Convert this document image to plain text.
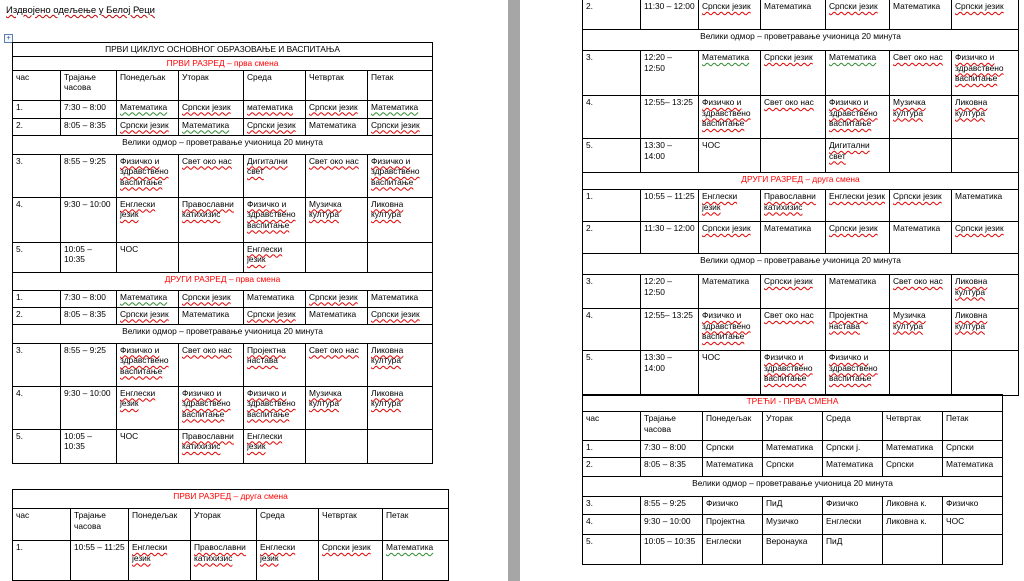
Издвојено одељење у Белој Реци
+
ПРВИ ЦИКЛУС ОСНОВНОГ ОБРАЗОВАЊЕ И ВАСПИТАЊА						
ПРВИ РАЗРЕД – прва смена						
час	Трајање часова	Понедељак	Уторак	Среда	Четвртак	Петак
1.	7:30 – 8:00	Математика	Српски језик	математика	Српски језик	Математика
2.	8:05 – 8:35	Српски језик	Математика	Српски језик	Математика	Српски језик
Велики одмор – проветравање учионица 20 минута						
3.	8:55 – 9:25	Физичко и здравствено васпитање	Свет око нас	Дигитални свет	Свет око нас	Физичко и здравствено васпитање
4.	9:30 – 10:00	Енглески језик	Православни катихизис	Физичко и здравствено васпитање	Музичка култура	Ликовна култура
5.	10:05 – 10:35	ЧОС		Енглески језик		
ДРУГИ РАЗРЕД – прва смена						
1.	7:30 – 8:00	Математика	Српски језик	Математика	Српски језик	Математика
2.	8:05 – 8:35	Српски језик	Математика	Српски језик	Математика	Српски језик
Велики одмор – проветравање учионица 20 минута						
3.	8:55 – 9:25	Физичко и здравствено васпитање	Свет око нас	Пројектна настава	Свет око нас	Ликовна култура
4.	9:30 – 10:00	Енглески језик	Физичко и здравствено васпитање	Физичко и здравствено васпитање	Музичка култура	Ликовна култура
5.	10:05 – 10:35	ЧОС	Православни катихизис	Енглески језик		
ПРВИ РАЗРЕД – друга смена						
час	Трајање часова	Понедељак	Уторак	Среда	Четвртак	Петак
1.	10:55 – 11:25	Енглески језик	Православни катихизис	Енглески језик	Српски језик	Математика
2.	11:30 – 12:00	Српски језик	Математика	Српски језик	Математика	Српски језик
Велики одмор – проветравање учионица 20 минута						
3.	12:20 – 12:50	Математика	Српски језик	Математика	Свет око нас	Физичко и здравствено васпитање
4.	12:55– 13:25	Физичко и здравствено васпитање	Свет око нас	Физичко и здравствено васпитање	Музичка култура	Ликовна култура
5.	13:30 – 14:00	ЧОС		Дигитални свет		
ДРУГИ РАЗРЕД – друга смена						
1.	10:55 – 11:25	Енглески језик	Православни катихизис	Енглески језик	Српски језик	Математика
2.	11:30 – 12:00	Српски језик	Математика	Српски језик	Математика	Српски језик
Велики одмор – проветравање учионица 20 минута						
3.	12:20 – 12:50	Математика	Српски језик	Математика	Свет око нас	Ликовна култура
4.	12:55– 13:25	Физичко и здравствено васпитање	Свет око нас	Пројектна настава	Музичка култура	Ликовна култура
5.	13:30 – 14:00	ЧОС	Физичко и здравствено васпитање	Физичко и здравствено васпитање		
ТРЕЋИ - ПРВА СМЕНА						
час	Трајање часова	Понедељак	Уторак	Среда	Четвртак	Петак
1.	7:30 – 8:00	Српски	Математика	Српски ј.	Математика	Српски
2.	8:05 – 8:35	Математика	Српски	Математика	Српски	Математика
Велики одмор – проветравање учионица 20 минута						
3.	8:55 – 9:25	Физичко	ПиД	Физичко	Ликовна к.	Физичко
4.	9:30 – 10:00	Пројектна	Музичко	Енглески	Ликовна к.	ЧОС
5.	10:05 – 10:35	Енглески	Веронаука	ПиД		
